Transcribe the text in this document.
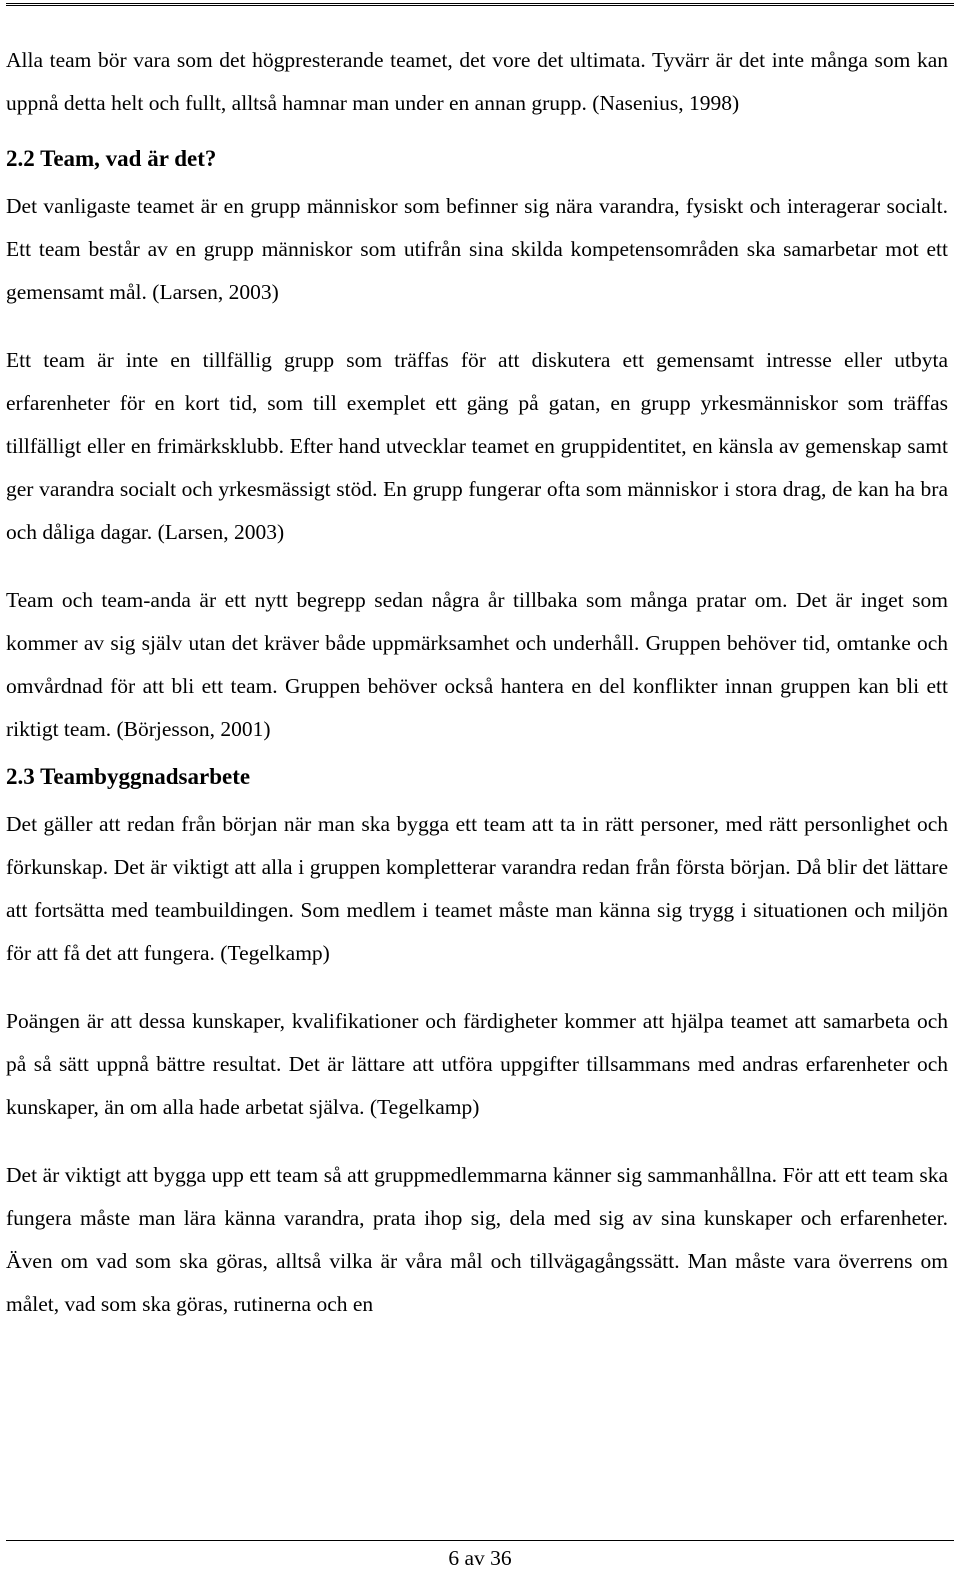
Alla team bör vara som det högpresterande teamet, det vore det ultimata. Tyvärr är det inte många som kan uppnå detta helt och fullt, alltså hamnar man under en annan grupp. (Nasenius, 1998)

2.2 Team, vad är det?

Det vanligaste teamet är en grupp människor som befinner sig nära varandra, fysiskt och interagerar socialt. Ett team består av en grupp människor som utifrån sina skilda kompetensområden ska samarbetar mot ett gemensamt mål. (Larsen, 2003)

Ett team är inte en tillfällig grupp som träffas för att diskutera ett gemensamt intresse eller utbyta erfarenheter för en kort tid, som till exemplet ett gäng på gatan, en grupp yrkesmänniskor som träffas tillfälligt eller en frimärksklubb. Efter hand utvecklar teamet en gruppidentitet, en känsla av gemenskap samt ger varandra socialt och yrkesmässigt stöd. En grupp fungerar ofta som människor i stora drag, de kan ha bra och dåliga dagar. (Larsen, 2003)

Team och team-anda är ett nytt begrepp sedan några år tillbaka som många pratar om. Det är inget som kommer av sig själv utan det kräver både uppmärksamhet och underhåll. Gruppen behöver tid, omtanke och omvårdnad för att bli ett team. Gruppen behöver också hantera en del konflikter innan gruppen kan bli ett riktigt team. (Börjesson, 2001)

2.3 Teambyggnadsarbete

Det gäller att redan från början när man ska bygga ett team att ta in rätt personer, med rätt personlighet och förkunskap. Det är viktigt att alla i gruppen kompletterar varandra redan från första början. Då blir det lättare att fortsätta med teambuildingen. Som medlem i teamet måste man känna sig trygg i situationen och miljön för att få det att fungera. (Tegelkamp)

Poängen är att dessa kunskaper, kvalifikationer och färdigheter kommer att hjälpa teamet att samarbeta och på så sätt uppnå bättre resultat. Det är lättare att utföra uppgifter tillsammans med andras erfarenheter och kunskaper, än om alla hade arbetat själva. (Tegelkamp)

Det är viktigt att bygga upp ett team så att gruppmedlemmarna känner sig sammanhållna. För att ett team ska fungera måste man lära känna varandra, prata ihop sig, dela med sig av sina kunskaper och erfarenheter. Även om vad som ska göras, alltså vilka är våra mål och tillvägagångssätt. Man måste vara överrens om målet, vad som ska göras, rutinerna och en

6 av 36
